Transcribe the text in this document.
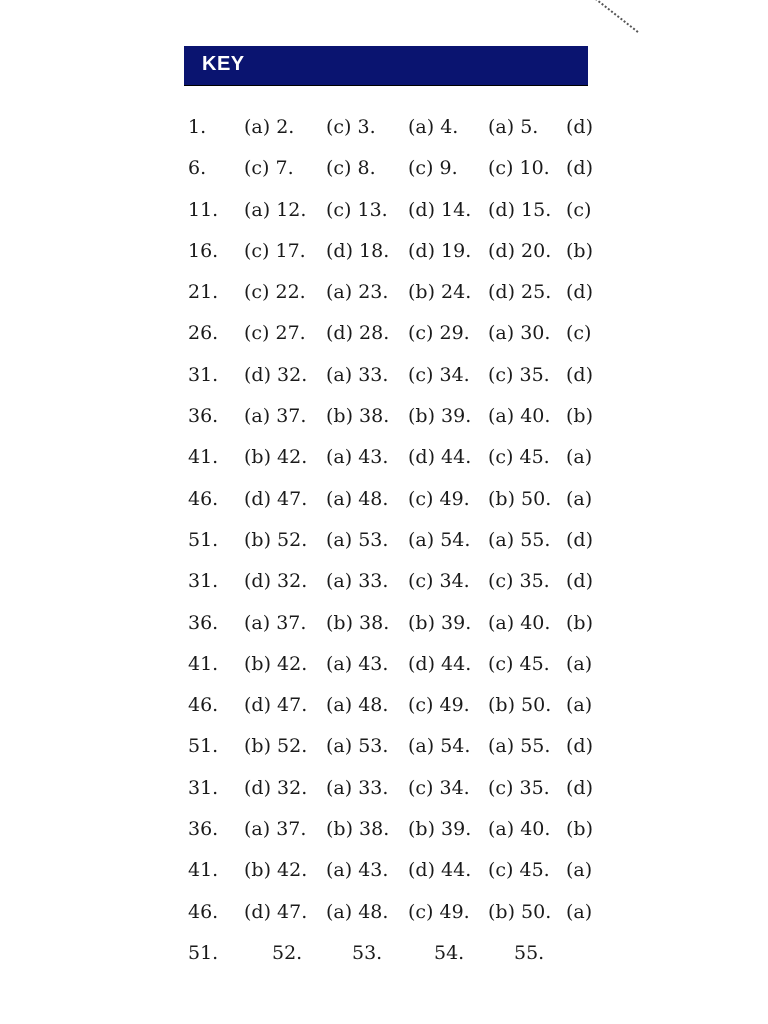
KEY
1. (a) 2. (c) 3. (a) 4. (a) 5. (d)
6. (c) 7. (c) 8. (c) 9. (c) 10. (d)
11. (a) 12. (c) 13. (d) 14. (d) 15. (c)
16. (c) 17. (d) 18. (d) 19. (d) 20. (b)
21. (c) 22. (a) 23. (b) 24. (d) 25. (d)
26. (c) 27. (d) 28. (c) 29. (a) 30. (c)
31. (d) 32. (a) 33. (c) 34. (c) 35. (d)
36. (a) 37. (b) 38. (b) 39. (a) 40. (b)
41. (b) 42. (a) 43. (d) 44. (c) 45. (a)
46. (d) 47. (a) 48. (c) 49. (b) 50. (a)
51. (b) 52. (a) 53. (a) 54. (a) 55. (d)
31. (d) 32. (a) 33. (c) 34. (c) 35. (d)
36. (a) 37. (b) 38. (b) 39. (a) 40. (b)
41. (b) 42. (a) 43. (d) 44. (c) 45. (a)
46. (d) 47. (a) 48. (c) 49. (b) 50. (a)
51. (b) 52. (a) 53. (a) 54. (a) 55. (d)
31. (d) 32. (a) 33. (c) 34. (c) 35. (d)
36. (a) 37. (b) 38. (b) 39. (a) 40. (b)
41. (b) 42. (a) 43. (d) 44. (c) 45. (a)
46. (d) 47. (a) 48. (c) 49. (b) 50. (a)
51.	52.	53.	54.	55.
